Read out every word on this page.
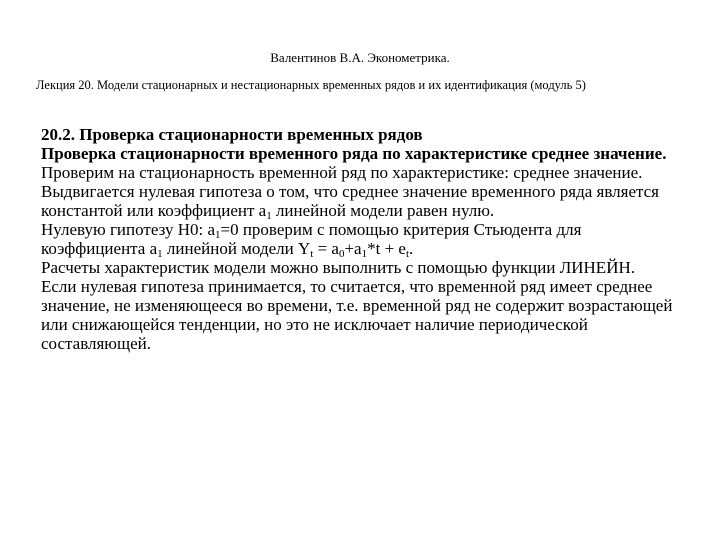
Валентинов В.А. Эконометрика.
Лекция 20. Модели стационарных и нестационарных временных рядов и их идентификация (модуль 5)

20.2. Проверка стационарности временных рядов

Проверка стационарности временного ряда по характеристике среднее значение.

Проверим на стационарность временной ряд по характеристике: среднее значение.

Выдвигается нулевая гипотеза о том, что среднее значение временного ряда является константой или коэффициент $a_1$ линейной модели равен нулю.

Нулевую гипотезу H0: $a_1=0$ проверим с помощью критерия Стьюдента для коэффициента $a_1$ линейной модели $Y_t = a_0+a_1*t + e_t$.

Расчеты характеристик модели можно выполнить с помощью функции ЛИНЕЙН.

Если нулевая гипотеза принимается, то считается, что временной ряд имеет среднее значение, не изменяющееся во времени, т.е. временной ряд не содержит возрастающей или снижающейся тенденции, но это не исключает наличие периодической составляющей.
